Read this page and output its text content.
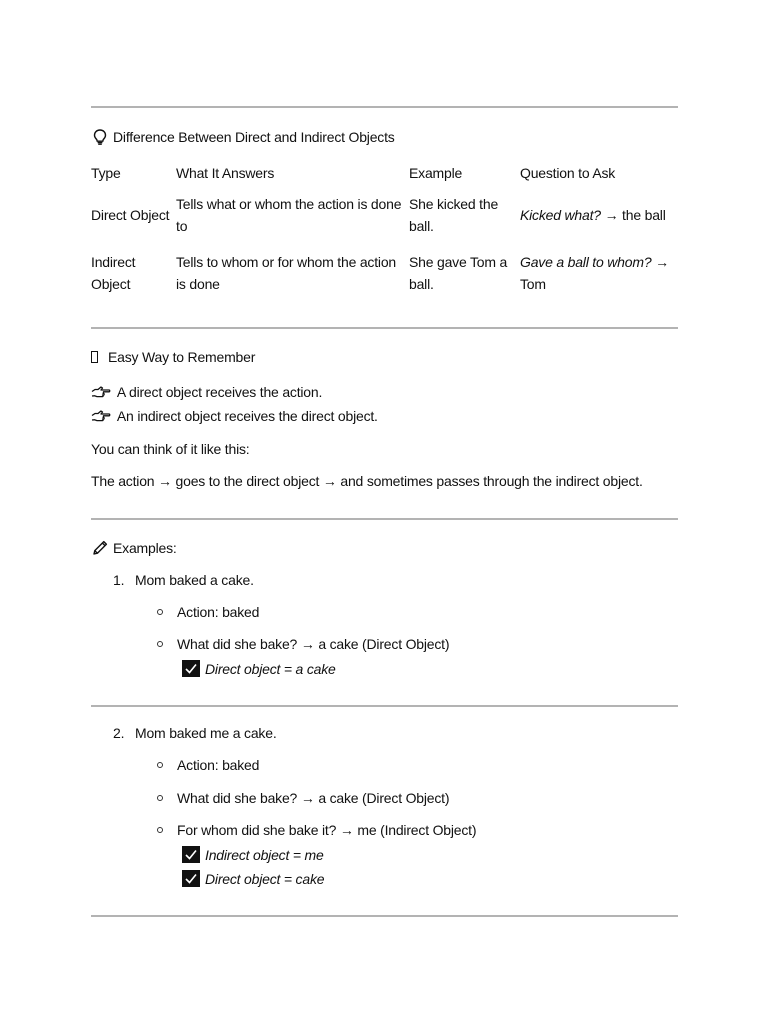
Difference Between Direct and Indirect Objects
Type	What It Answers	Example	Question to Ask
Direct Object	Tells what or whom the action is done to	She kicked the ball.	Kicked what? → the ball
Indirect Object	Tells to whom or for whom the action is done	She gave Tom a ball.	Gave a ball to whom? → Tom
Easy Way to Remember
A direct object receives the action.
An indirect object receives the direct object.
You can think of it like this:
The action → goes to the direct object → and sometimes passes through the indirect object.
Examples:
1. Mom baked a cake.
Action: baked
What did she bake? → a cake (Direct Object)
Direct object = a cake
2. Mom baked me a cake.
Action: baked
What did she bake? → a cake (Direct Object)
For whom did she bake it? → me (Indirect Object)
Indirect object = me
Direct object = cake
